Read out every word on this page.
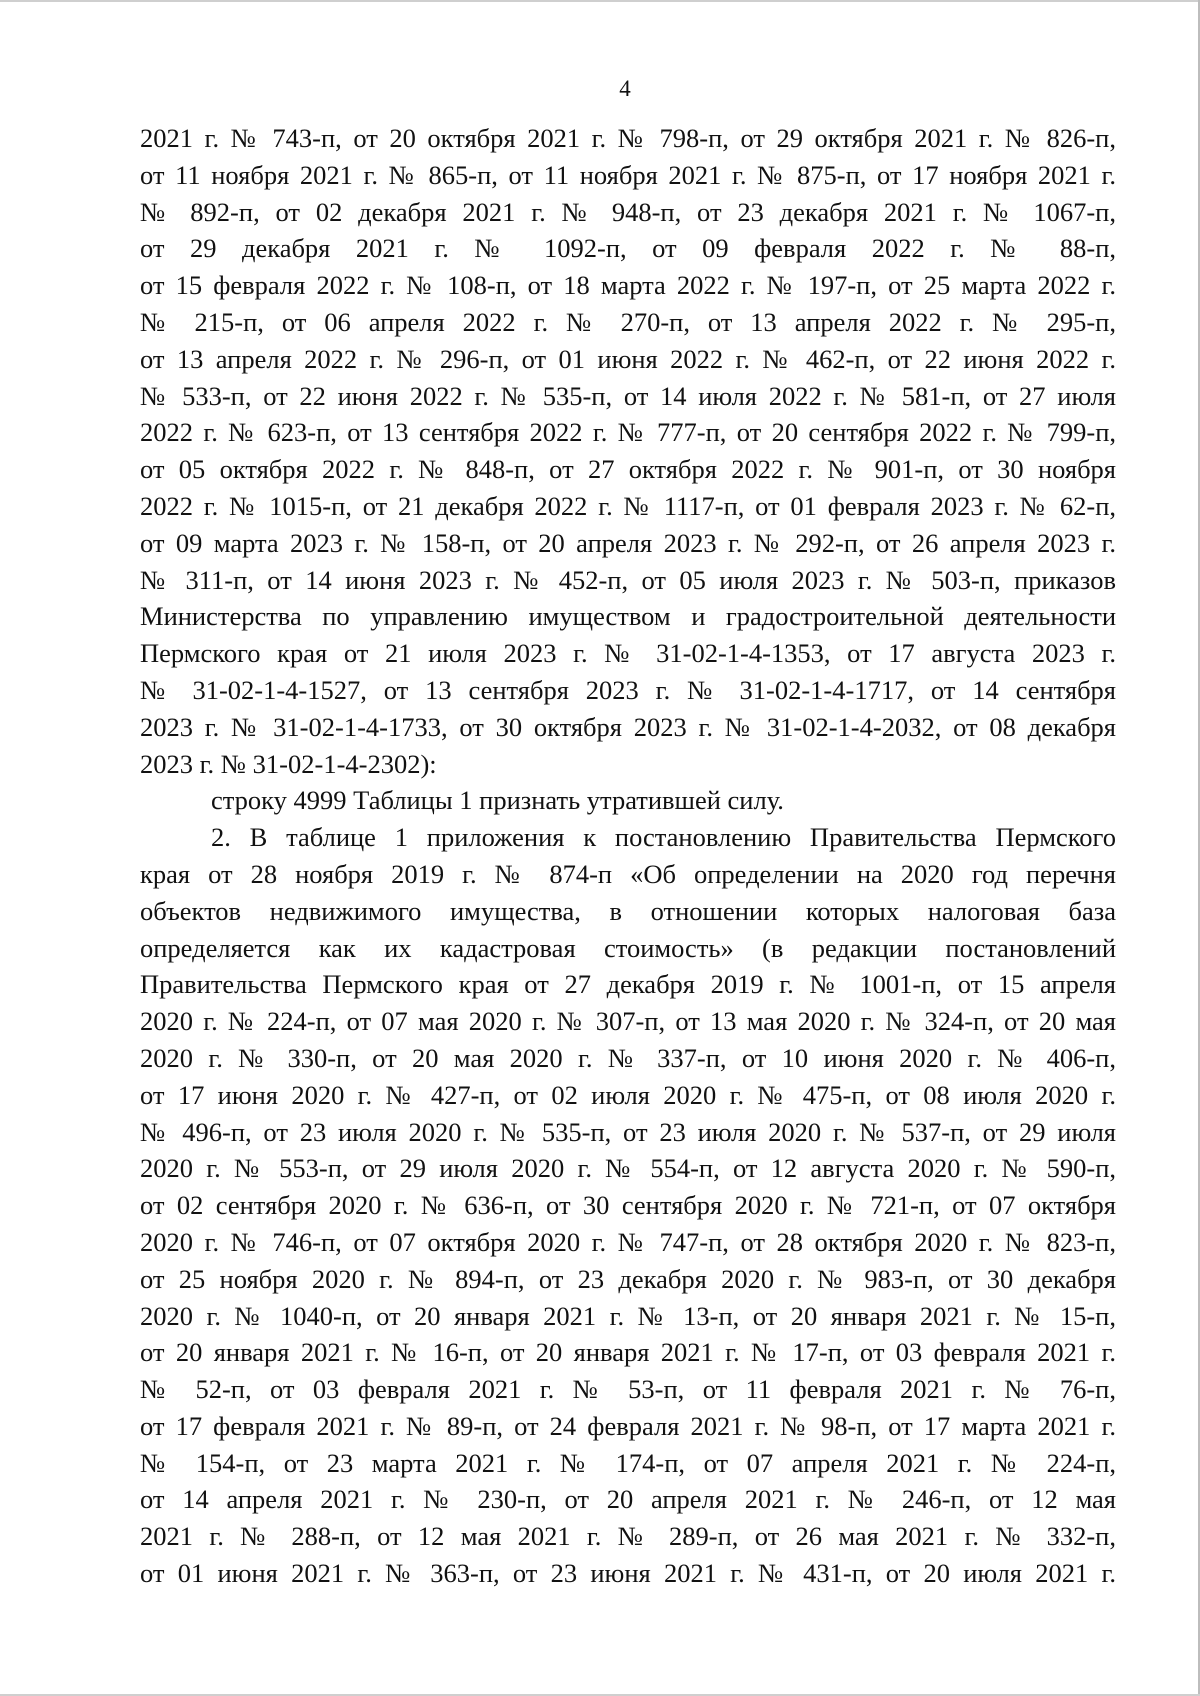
4
2021 г. № 743-п, от 20 октября 2021 г. № 798-п, от 29 октября 2021 г. № 826-п,
от 11 ноября 2021 г. № 865-п, от 11 ноября 2021 г. № 875-п, от 17 ноября 2021 г.
№ 892-п, от 02 декабря 2021 г. № 948-п, от 23 декабря 2021 г. № 1067-п,
от 29 декабря 2021 г. № 1092-п, от 09 февраля 2022 г. № 88-п,
от 15 февраля 2022 г. № 108-п, от 18 марта 2022 г. № 197-п, от 25 марта 2022 г.
№ 215-п, от 06 апреля 2022 г. № 270-п, от 13 апреля 2022 г. № 295-п,
от 13 апреля 2022 г. № 296-п, от 01 июня 2022 г. № 462-п, от 22 июня 2022 г.
№ 533-п, от 22 июня 2022 г. № 535-п, от 14 июля 2022 г. № 581-п, от 27 июля
2022 г. № 623-п, от 13 сентября 2022 г. № 777-п, от 20 сентября 2022 г. № 799-п,
от 05 октября 2022 г. № 848-п, от 27 октября 2022 г. № 901-п, от 30 ноября
2022 г. № 1015-п, от 21 декабря 2022 г. № 1117-п, от 01 февраля 2023 г. № 62-п,
от 09 марта 2023 г. № 158-п, от 20 апреля 2023 г. № 292-п, от 26 апреля 2023 г.
№ 311-п, от 14 июня 2023 г. № 452-п, от 05 июля 2023 г. № 503-п, приказов
Министерства по управлению имуществом и градостроительной деятельности
Пермского края от 21 июля 2023 г. № 31-02-1-4-1353, от 17 августа 2023 г.
№ 31-02-1-4-1527, от 13 сентября 2023 г. № 31-02-1-4-1717, от 14 сентября
2023 г. № 31-02-1-4-1733, от 30 октября 2023 г. № 31-02-1-4-2032, от 08 декабря
2023 г. № 31-02-1-4-2302):
строку 4999 Таблицы 1 признать утратившей силу.
2. В таблице 1 приложения к постановлению Правительства Пермского
края от 28 ноября 2019 г. № 874-п «Об определении на 2020 год перечня
объектов недвижимого имущества, в отношении которых налоговая база
определяется как их кадастровая стоимость» (в редакции постановлений
Правительства Пермского края от 27 декабря 2019 г. № 1001-п, от 15 апреля
2020 г. № 224-п, от 07 мая 2020 г. № 307-п, от 13 мая 2020 г. № 324-п, от 20 мая
2020 г. № 330-п, от 20 мая 2020 г. № 337-п, от 10 июня 2020 г. № 406-п,
от 17 июня 2020 г. № 427-п, от 02 июля 2020 г. № 475-п, от 08 июля 2020 г.
№ 496-п, от 23 июля 2020 г. № 535-п, от 23 июля 2020 г. № 537-п, от 29 июля
2020 г. № 553-п, от 29 июля 2020 г. № 554-п, от 12 августа 2020 г. № 590-п,
от 02 сентября 2020 г. № 636-п, от 30 сентября 2020 г. № 721-п, от 07 октября
2020 г. № 746-п, от 07 октября 2020 г. № 747-п, от 28 октября 2020 г. № 823-п,
от 25 ноября 2020 г. № 894-п, от 23 декабря 2020 г. № 983-п, от 30 декабря
2020 г. № 1040-п, от 20 января 2021 г. № 13-п, от 20 января 2021 г. № 15-п,
от 20 января 2021 г. № 16-п, от 20 января 2021 г. № 17-п, от 03 февраля 2021 г.
№ 52-п, от 03 февраля 2021 г. № 53-п, от 11 февраля 2021 г. № 76-п,
от 17 февраля 2021 г. № 89-п, от 24 февраля 2021 г. № 98-п, от 17 марта 2021 г.
№ 154-п, от 23 марта 2021 г. № 174-п, от 07 апреля 2021 г. № 224-п,
от 14 апреля 2021 г. № 230-п, от 20 апреля 2021 г. № 246-п, от 12 мая
2021 г. № 288-п, от 12 мая 2021 г. № 289-п, от 26 мая 2021 г. № 332-п,
от 01 июня 2021 г. № 363-п, от 23 июня 2021 г. № 431-п, от 20 июля 2021 г.
